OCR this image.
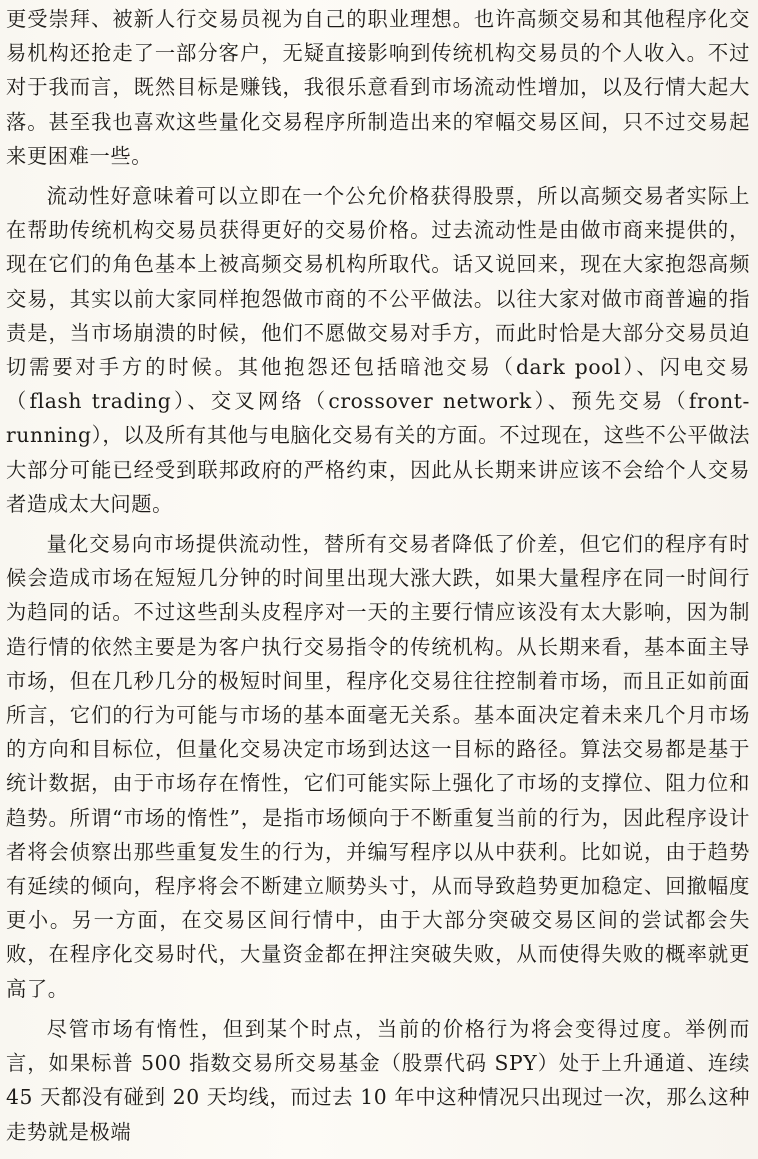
更受崇拜、被新人行交易员视为自己的职业理想。也许高频交易和其他程序化交易机构还抢走了一部分客户，无疑直接影响到传统机构交易员的个人收入。不过对于我而言，既然目标是赚钱，我很乐意看到市场流动性增加，以及行情大起大落。甚至我也喜欢这些量化交易程序所制造出来的窄幅交易区间，只不过交易起来更困难一些。

流动性好意味着可以立即在一个公允价格获得股票，所以高频交易者实际上在帮助传统机构交易员获得更好的交易价格。过去流动性是由做市商来提供的，现在它们的角色基本上被高频交易机构所取代。话又说回来，现在大家抱怨高频交易，其实以前大家同样抱怨做市商的不公平做法。以往大家对做市商普遍的指责是，当市场崩溃的时候，他们不愿做交易对手方，而此时恰是大部分交易员迫切需要对手方的时候。其他抱怨还包括暗池交易（dark pool）、闪电交易（flash trading）、交叉网络（crossover network）、预先交易（front-running），以及所有其他与电脑化交易有关的方面。不过现在，这些不公平做法大部分可能已经受到联邦政府的严格约束，因此从长期来讲应该不会给个人交易者造成太大问题。

量化交易向市场提供流动性，替所有交易者降低了价差，但它们的程序有时候会造成市场在短短几分钟的时间里出现大涨大跌，如果大量程序在同一时间行为趋同的话。不过这些刮头皮程序对一天的主要行情应该没有太大影响，因为制造行情的依然主要是为客户执行交易指令的传统机构。从长期来看，基本面主导市场，但在几秒几分的极短时间里，程序化交易往往控制着市场，而且正如前面所言，它们的行为可能与市场的基本面毫无关系。基本面决定着未来几个月市场的方向和目标位，但量化交易决定市场到达这一目标的路径。算法交易都是基于统计数据，由于市场存在惰性，它们可能实际上强化了市场的支撑位、阻力位和趋势。所谓“市场的惰性”，是指市场倾向于不断重复当前的行为，因此程序设计者将会侦察出那些重复发生的行为，并编写程序以从中获利。比如说，由于趋势有延续的倾向，程序将会不断建立顺势头寸，从而导致趋势更加稳定、回撤幅度更小。另一方面，在交易区间行情中，由于大部分突破交易区间的尝试都会失败，在程序化交易时代，大量资金都在押注突破失败，从而使得失败的概率就更高了。

尽管市场有惰性，但到某个时点，当前的价格行为将会变得过度。举例而言，如果标普 500 指数交易所交易基金（股票代码 SPY）处于上升通道、连续 45 天都没有碰到 20 天均线，而过去 10 年中这种情况只出现过一次，那么这种走势就是极端
